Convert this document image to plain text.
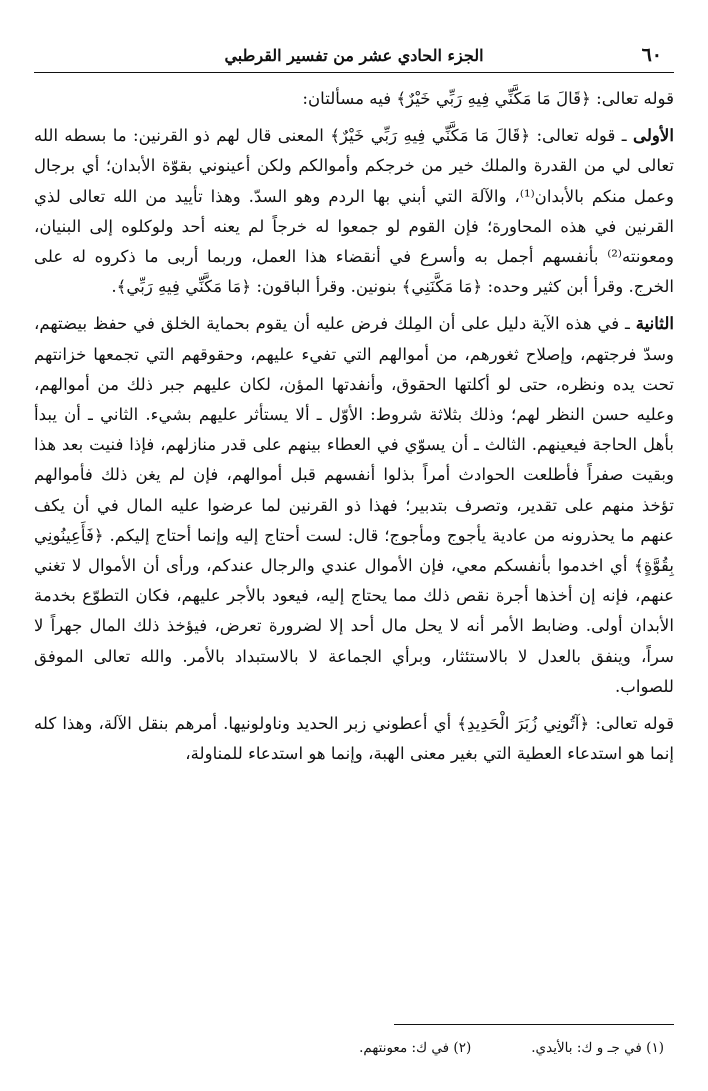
٦٠
الجزء الحادي عشر من تفسير القرطبي

قوله تعالى: ﴿قَالَ مَا مَكَّنِّي فِيهِ رَبِّي خَيْرٌ﴾ فيه مسألتان:

الأولى ـ قوله تعالى: ﴿قَالَ مَا مَكَّنِّي فِيهِ رَبِّي خَيْرٌ﴾ المعنى قال لهم ذو القرنين: ما بسطه الله تعالى لي من القدرة والملك خير من خرجكم وأموالكم ولكن أعينوني بقوّة الأبدان؛ أي برجال وعمل منكم بالأبدان⁽¹⁾، والآلة التي أبني بها الردم وهو السدّ. وهذا تأييد من الله تعالى لذي القرنين في هذه المحاورة؛ فإن القوم لو جمعوا له خرجاً لم يعنه أحد ولوكلوه إلى البنيان، ومعونته⁽²⁾ بأنفسهم أجمل به وأسرع في أنقضاء هذا العمل، وربما أربى ما ذكروه له على الخرج. وقرأ أبن كثير وحده: ﴿مَا مَكَّنَنِي﴾ بنونين. وقرأ الباقون: ﴿مَا مَكَّنِّي فِيهِ رَبِّي﴾.

الثانية ـ في هذه الآية دليل على أن المِلك فرض عليه أن يقوم بحماية الخلق في حفظ بيضتهم، وسدّ فرجتهم، وإصلاح ثغورهم، من أموالهم التي تفيء عليهم، وحقوقهم التي تجمعها خزانتهم تحت يده ونظره، حتى لو أكلتها الحقوق، وأنفدتها المؤن، لكان عليهم جبر ذلك من أموالهم، وعليه حسن النظر لهم؛ وذلك بثلاثة شروط: الأوّل ـ ألا يستأثر عليهم بشيء. الثاني ـ أن يبدأ بأهل الحاجة فيعينهم. الثالث ـ أن يسوّي في العطاء بينهم على قدر منازلهم، فإذا فنيت بعد هذا وبقيت صفراً فأطلعت الحوادث أمراً بذلوا أنفسهم قبل أموالهم، فإن لم يغن ذلك فأموالهم تؤخذ منهم على تقدير، وتصرف بتدبير؛ فهذا ذو القرنين لما عرضوا عليه المال في أن يكف عنهم ما يحذرونه من عادية يأجوج ومأجوج؛ قال: لست أحتاج إليه وإنما أحتاج إليكم. ﴿فَأَعِينُونِي بِقُوَّةٍ﴾ أي اخدموا بأنفسكم معي، فإن الأموال عندي والرجال عندكم، ورأى أن الأموال لا تغني عنهم، فإنه إن أخذها أجرة نقص ذلك مما يحتاج إليه، فيعود بالأجر عليهم، فكان التطوّع بخدمة الأبدان أولى. وضابط الأمر أنه لا يحل مال أحد إلا لضرورة تعرض، فيؤخذ ذلك المال جهراً لا سراً، وينفق بالعدل لا بالاستئثار، وبرأي الجماعة لا بالاستبداد بالأمر. والله تعالى الموفق للصواب.

قوله تعالى: ﴿آتُونِي زُبَرَ الْحَدِيدِ﴾ أي أعطوني زبر الحديد وناولونيها. أمرهم بنقل الآلة، وهذا كله إنما هو استدعاء العطية التي بغير معنى الهبة، وإنما هو استدعاء للمناولة،

(١) في جـ و ك: بالأيدي.
(٢) في ك: معونتهم.
